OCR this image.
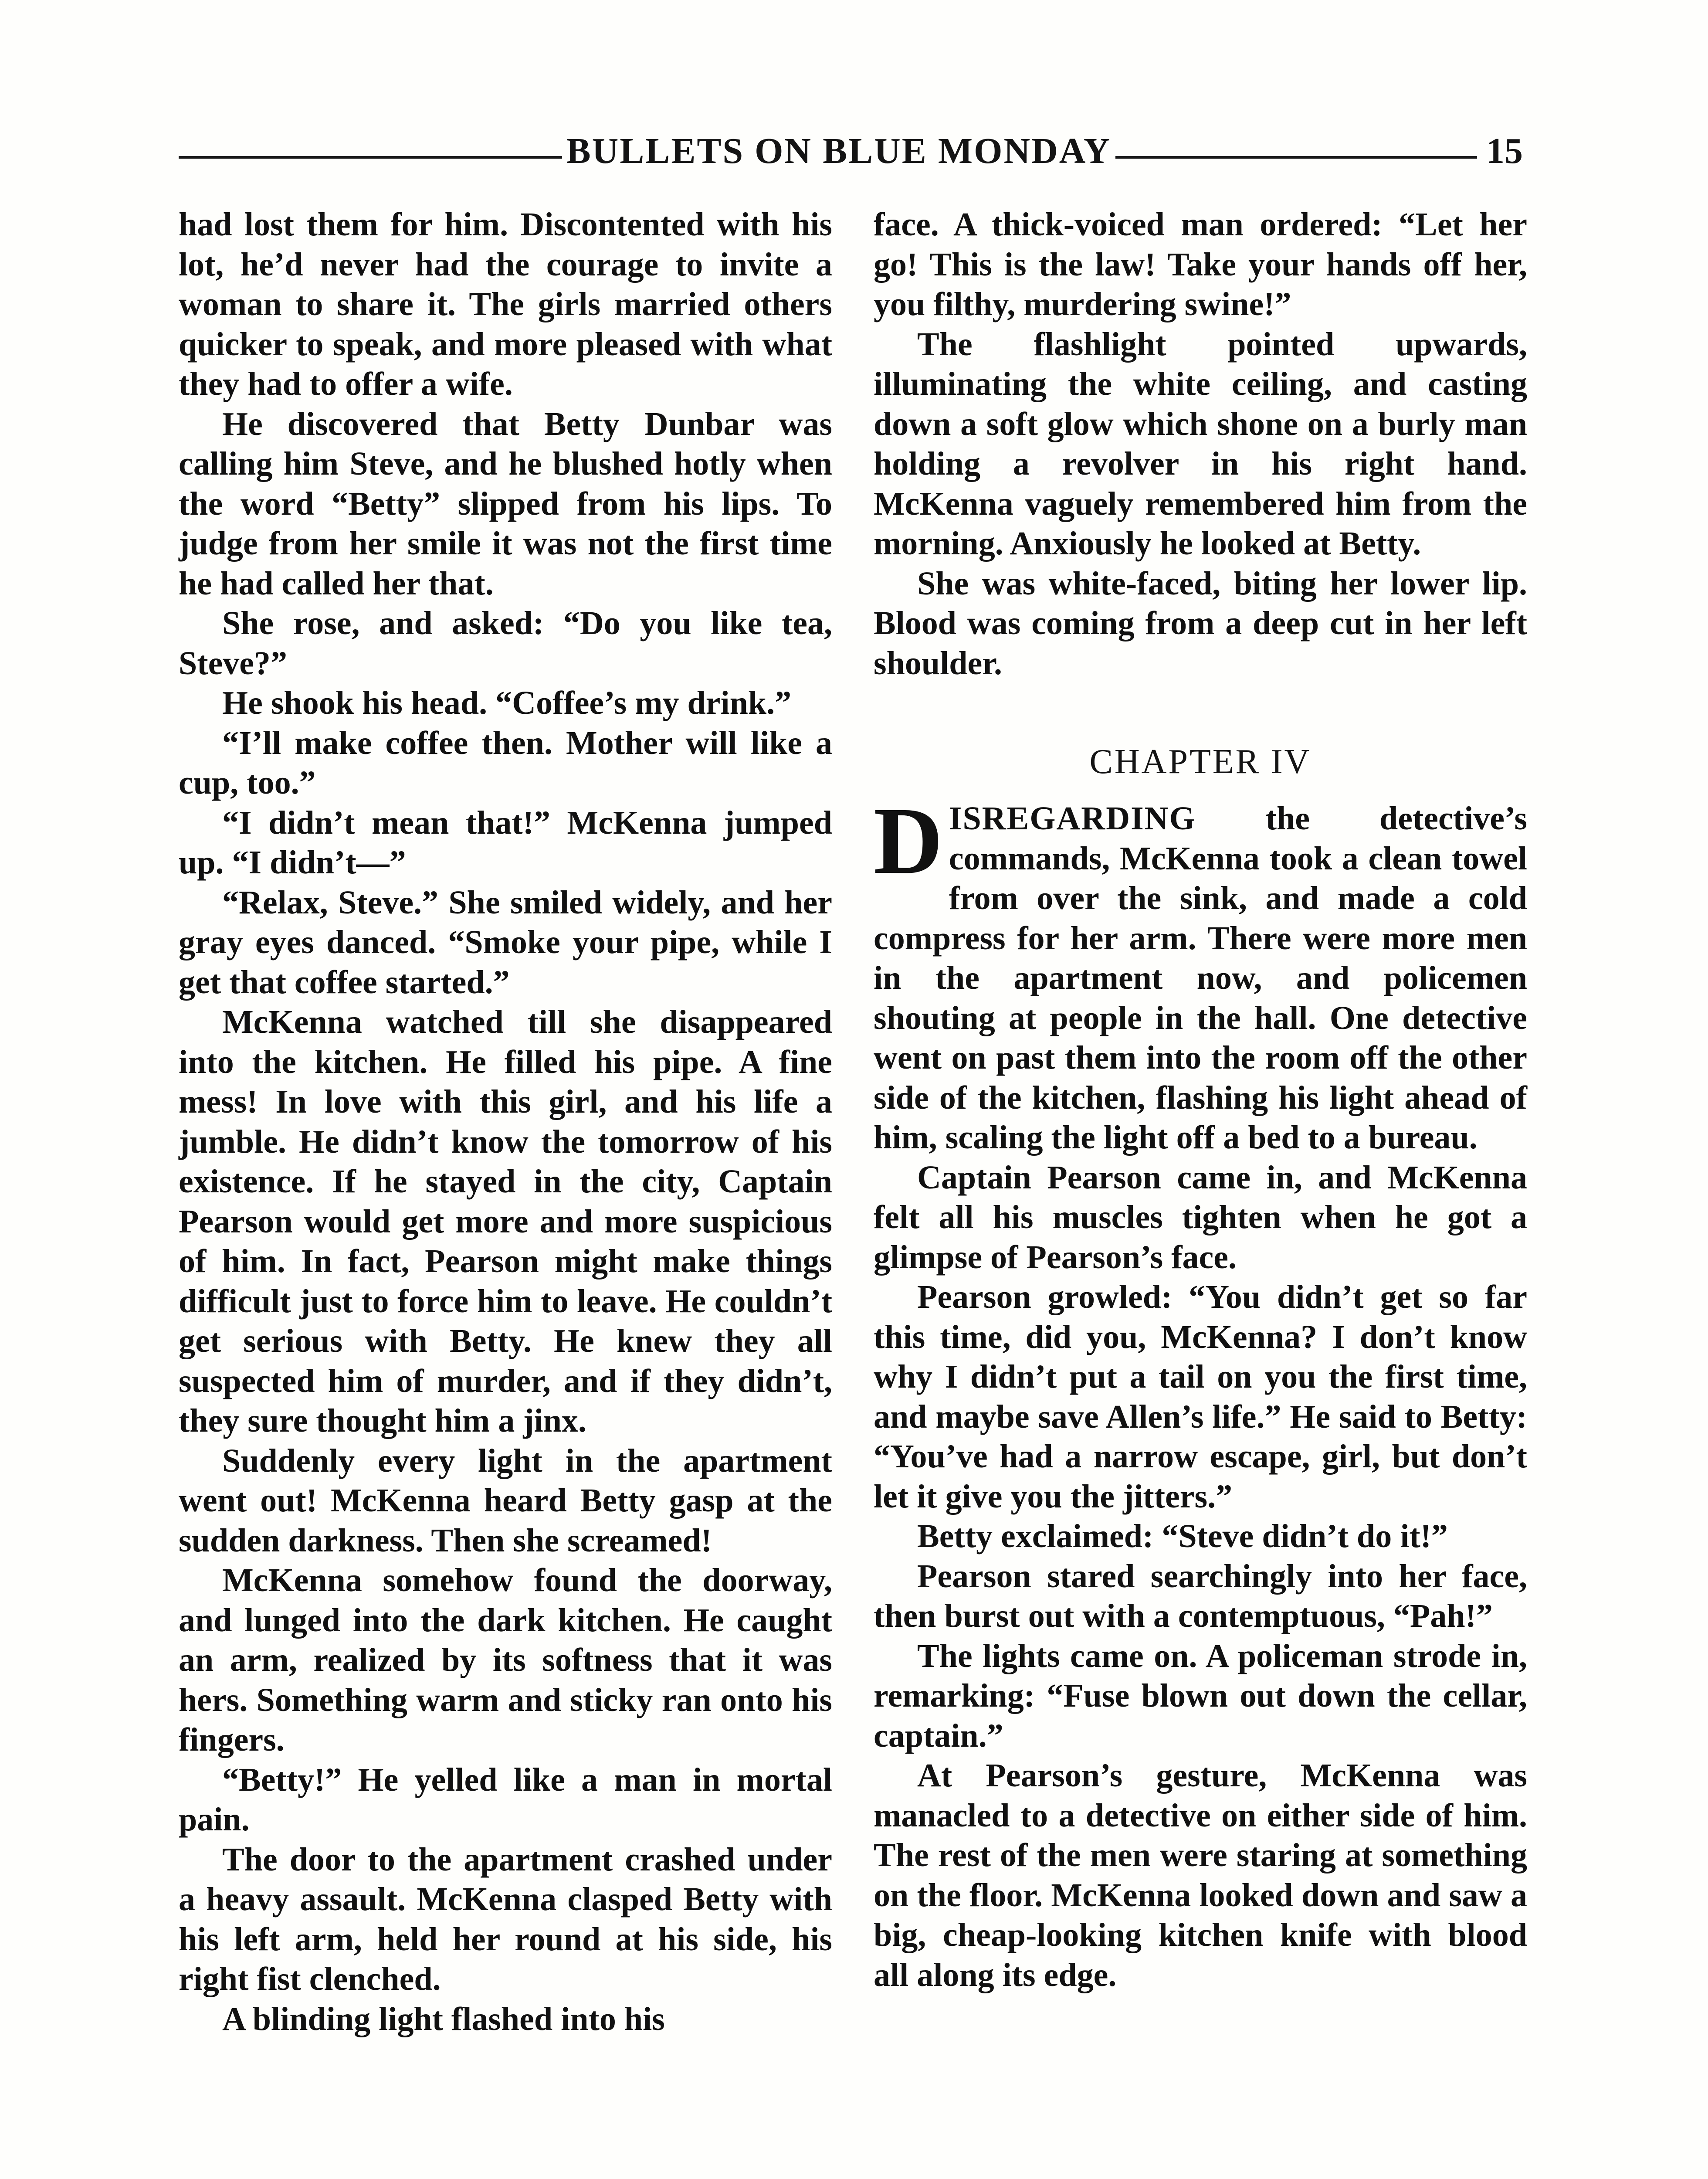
BULLETS ON BLUE MONDAY	15

had lost them for him. Discontented with his lot, he’d never had the courage to invite a woman to share it. The girls married others quicker to speak, and more pleased with what they had to offer a wife.

He discovered that Betty Dunbar was calling him Steve, and he blushed hotly when the word “Betty” slipped from his lips. To judge from her smile it was not the first time he had called her that.

She rose, and asked: “Do you like tea, Steve?”

He shook his head. “Coffee’s my drink.”

“I’ll make coffee then. Mother will like a cup, too.”

“I didn’t mean that!” McKenna jumped up. “I didn’t—”

“Relax, Steve.” She smiled widely, and her gray eyes danced. “Smoke your pipe, while I get that coffee started.”

McKenna watched till she disappeared into the kitchen. He filled his pipe. A fine mess! In love with this girl, and his life a jumble. He didn’t know the tomorrow of his existence. If he stayed in the city, Captain Pearson would get more and more suspicious of him. In fact, Pearson might make things difficult just to force him to leave. He couldn’t get serious with Betty. He knew they all suspected him of murder, and if they didn’t, they sure thought him a jinx.

Suddenly every light in the apartment went out! McKenna heard Betty gasp at the sudden darkness. Then she screamed!

McKenna somehow found the doorway, and lunged into the dark kitchen. He caught an arm, realized by its softness that it was hers. Something warm and sticky ran onto his fingers.

“Betty!” He yelled like a man in mortal pain.

The door to the apartment crashed under a heavy assault. McKenna clasped Betty with his left arm, held her round at his side, his right fist clenched.

A blinding light flashed into his

face. A thick-voiced man ordered: “Let her go! This is the law! Take your hands off her, you filthy, murdering swine!”

The flashlight pointed upwards, illuminating the white ceiling, and casting down a soft glow which shone on a burly man holding a revolver in his right hand. McKenna vaguely remembered him from the morning. Anxiously he looked at Betty.

She was white-faced, biting her lower lip. Blood was coming from a deep cut in her left shoulder.

CHAPTER IV

DISREGARDING the detective’s commands, McKenna took a clean towel from over the sink, and made a cold compress for her arm. There were more men in the apartment now, and policemen shouting at people in the hall. One detective went on past them into the room off the other side of the kitchen, flashing his light ahead of him, scaling the light off a bed to a bureau.

Captain Pearson came in, and McKenna felt all his muscles tighten when he got a glimpse of Pearson’s face.

Pearson growled: “You didn’t get so far this time, did you, McKenna? I don’t know why I didn’t put a tail on you the first time, and maybe save Allen’s life.” He said to Betty: “You’ve had a narrow escape, girl, but don’t let it give you the jitters.”

Betty exclaimed: “Steve didn’t do it!”

Pearson stared searchingly into her face, then burst out with a contemptuous, “Pah!”

The lights came on. A policeman strode in, remarking: “Fuse blown out down the cellar, captain.”

At Pearson’s gesture, McKenna was manacled to a detective on either side of him. The rest of the men were staring at something on the floor. McKenna looked down and saw a big, cheap-looking kitchen knife with blood all along its edge.
